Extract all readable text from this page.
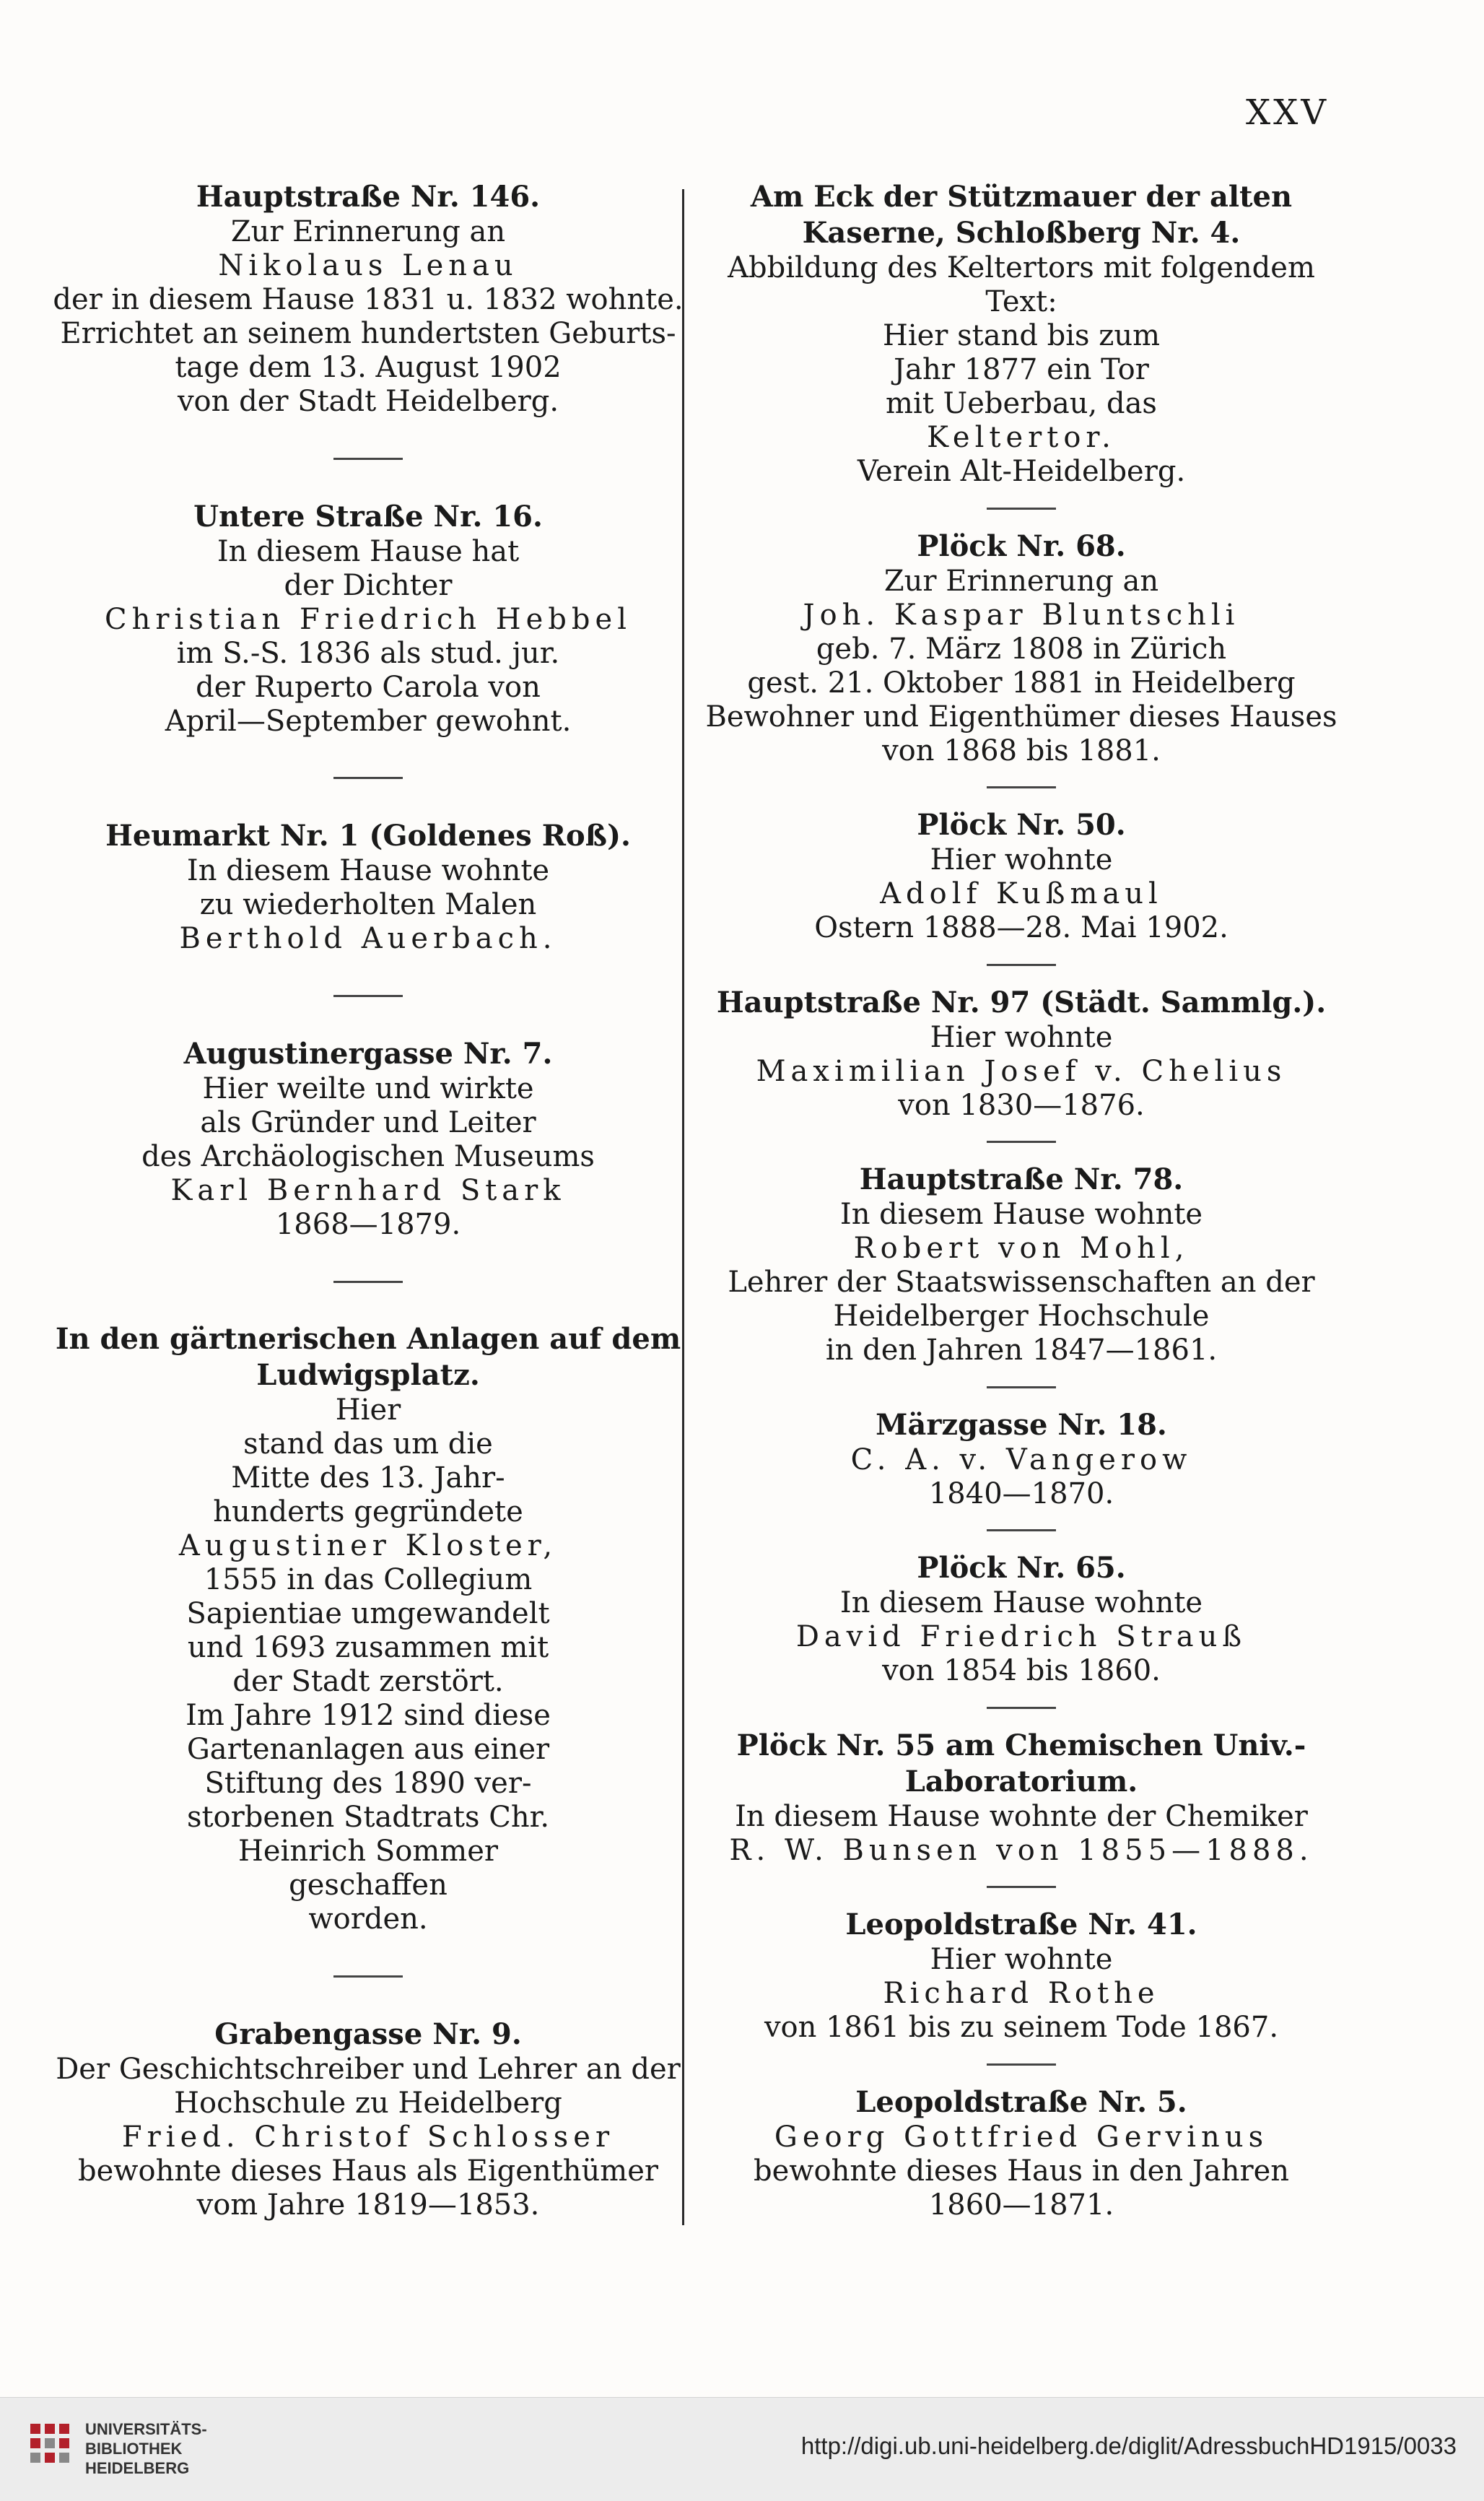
XXV
Hauptstraße Nr. 146.
Zur Erinnerung an
Nikolaus Lenau
der in diesem Hause 1831 u. 1832 wohnte.
Errichtet an seinem hundertsten Geburts-
tage dem 13. August 1902
von der Stadt Heidelberg.
Untere Straße Nr. 16.
In diesem Hause hat
der Dichter
Christian Friedrich Hebbel
im S.-S. 1836 als stud. jur.
der Ruperto Carola von
April—September gewohnt.
Heumarkt Nr. 1 (Goldenes Roß).
In diesem Hause wohnte
zu wiederholten Malen
Berthold Auerbach.
Augustinergasse Nr. 7.
Hier weilte und wirkte
als Gründer und Leiter
des Archäologischen Museums
Karl Bernhard Stark
1868—1879.
In den gärtnerischen Anlagen auf dem Ludwigsplatz.
Hier
stand das um die
Mitte des 13. Jahr-
hunderts gegründete
Augustiner Kloster,
1555 in das Collegium
Sapientiae umgewandelt
und 1693 zusammen mit
der Stadt zerstört.
Im Jahre 1912 sind diese
Gartenanlagen aus einer
Stiftung des 1890 ver-
storbenen Stadtrats Chr.
Heinrich Sommer
geschaffen
worden.
Grabengasse Nr. 9.
Der Geschichtschreiber und Lehrer an der
Hochschule zu Heidelberg
Fried. Christof Schlosser
bewohnte dieses Haus als Eigenthümer
vom Jahre 1819—1853.
Am Eck der Stützmauer der alten Kaserne, Schloßberg Nr. 4.
Abbildung des Keltertors mit folgendem
Text:
Hier stand bis zum
Jahr 1877 ein Tor
mit Ueberbau, das
Keltertor.
Verein Alt-Heidelberg.
Plöck Nr. 68.
Zur Erinnerung an
Joh. Kaspar Bluntschli
geb. 7. März 1808 in Zürich
gest. 21. Oktober 1881 in Heidelberg
Bewohner und Eigenthümer dieses Hauses
von 1868 bis 1881.
Plöck Nr. 50.
Hier wohnte
Adolf Kußmaul
Ostern 1888—28. Mai 1902.
Hauptstraße Nr. 97 (Städt. Sammlg.).
Hier wohnte
Maximilian Josef v. Chelius
von 1830—1876.
Hauptstraße Nr. 78.
In diesem Hause wohnte
Robert von Mohl,
Lehrer der Staatswissenschaften an der
Heidelberger Hochschule
in den Jahren 1847—1861.
Märzgasse Nr. 18.
C. A. v. Vangerow
1840—1870.
Plöck Nr. 65.
In diesem Hause wohnte
David Friedrich Strauß
von 1854 bis 1860.
Plöck Nr. 55 am Chemischen Univ.-Laboratorium.
In diesem Hause wohnte der Chemiker
R. W. Bunsen von 1855—1888.
Leopoldstraße Nr. 41.
Hier wohnte
Richard Rothe
von 1861 bis zu seinem Tode 1867.
Leopoldstraße Nr. 5.
Georg Gottfried Gervinus
bewohnte dieses Haus in den Jahren
1860—1871.
UNIVERSITÄTS-
BIBLIOTHEK
HEIDELBERG
http://digi.ub.uni-heidelberg.de/diglit/AdressbuchHD1915/0033
